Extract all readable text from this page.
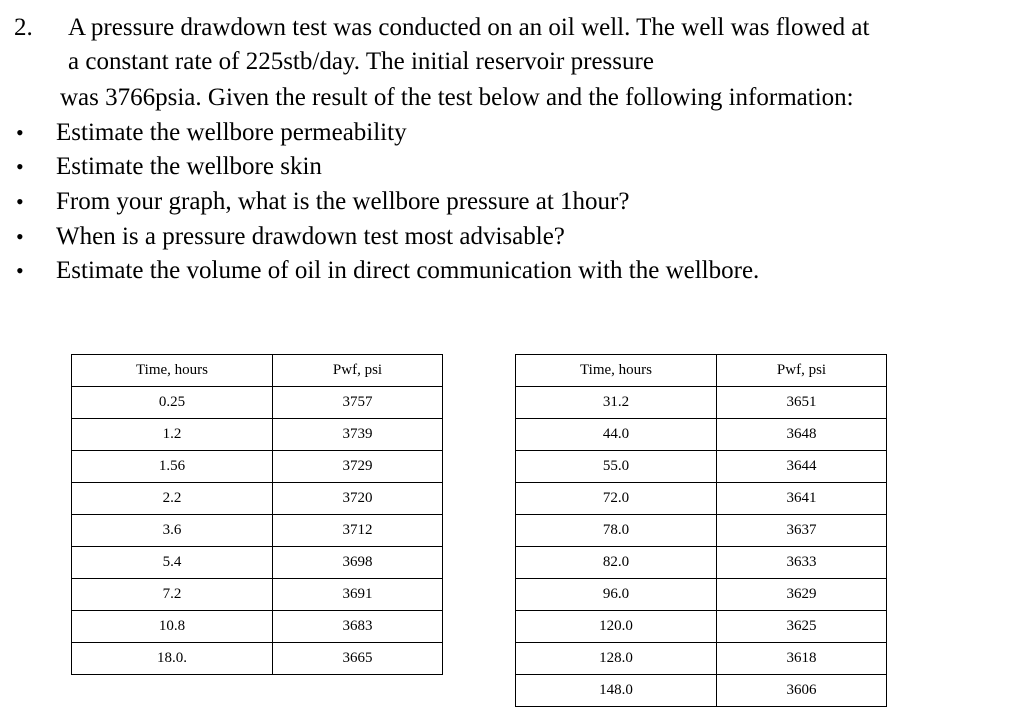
2. A pressure drawdown test was conducted on an oil well. The well was flowed at
a constant rate of 225stb/day. The initial reservoir pressure
was 3766psia. Given the result of the test below and the following information:
• Estimate the wellbore permeability
• Estimate the wellbore skin
• From your graph, what is the wellbore pressure at 1hour?
• When is a pressure drawdown test most advisable?
• Estimate the volume of oil in direct communication with the wellbore.
Time, hours	Pwf, psi
0.25	3757
1.2	3739
1.56	3729
2.2	3720
3.6	3712
5.4	3698
7.2	3691
10.8	3683
18.0.	3665
Time, hours	Pwf, psi
31.2	3651
44.0	3648
55.0	3644
72.0	3641
78.0	3637
82.0	3633
96.0	3629
120.0	3625
128.0	3618
148.0	3606
